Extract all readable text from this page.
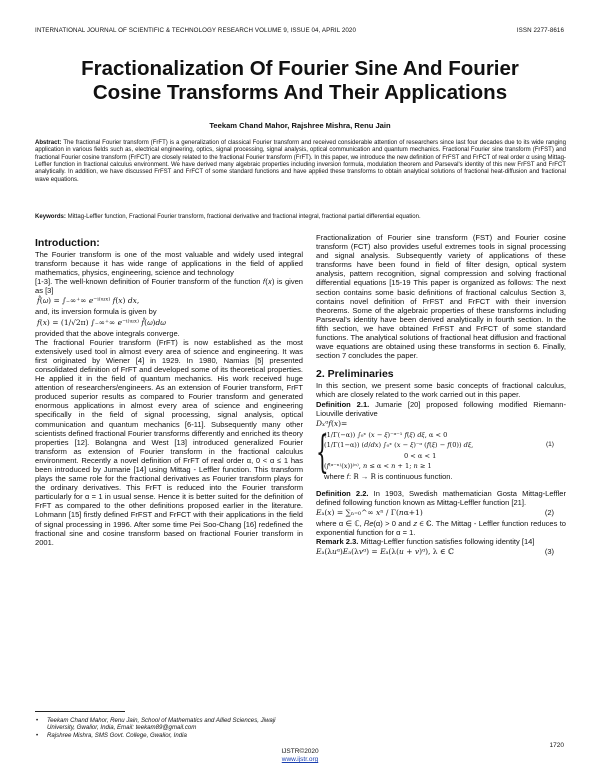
INTERNATIONAL JOURNAL OF SCIENTIFIC & TECHNOLOGY RESEARCH VOLUME 9, ISSUE 04, APRIL 2020	ISSN 2277-8616
Fractionalization Of Fourier Sine And Fourier
Cosine Transforms And Their Applications
Teekam Chand Mahor, Rajshree Mishra, Renu Jain
Abstract: The fractional Fourier transform (FrFT) is a generalization of classical Fourier transform and received considerable attention of researchers since last four decades due to its wide ranging application in various fields such as, electrical engineering, optics, signal processing, signal analysis, optical communication and quantum mechanics. Fractional Fourier sine transform (FrFST) and fractional Fourier cosine transform (FrFCT) are closely related to the fractional Fourier transform (FrFT). In this paper, we introduce the new definition of FrFST and FrFCT of real order α using Mittag-Leffler function in fractional calculus environment. We have derived many algebraic properties including inversion formula, modulation theorem and Parseval's identity of this new FrFST and FrFCT analytically. In addition, we have discussed FrFST and FrFCT of some standard functions and have applied these transforms to obtain analytical solutions of fractional heat-diffusion and fractional wave equations.
Keywords: Mittag-Leffler function, Fractional Fourier transform, fractional derivative and fractional integral, fractional partial differential equation.
Introduction:

The Fourier transform is one of the most valuable and widely used integral transform because it has wide range of applications in the field of applied mathematics, physics, engineering, science and technology

[1-3]. The well-known definition of Fourier transform of the function 𝑓(𝑥) is given as [3]

𝑓̂(𝜔) = ∫₋∞⁺∞ 𝑒⁻ⁱ⁽ᵚˣ⁾ 𝑓(𝑥) 𝑑𝑥,

and, its inversion formula is given by

𝑓(𝑥) = (1/√2π) ∫₋∞⁺∞ 𝑒⁻ⁱ⁽ᵚˣ⁾ 𝑓̂(𝜔)𝑑𝜔

provided that the above integrals converge.

The fractional Fourier transform (FrFT) is now established as the most extensively used tool in almost every area of science and engineering. It was first originated by Wiener [4] in 1929. In 1980, Namias [5] presented consolidated definition of FrFT and developed some of its theoretical properties. He applied it in the field of quantum mechanics. His work received huge attention of researchers/engineers. As an extension of Fourier transform, FrFT produced superior results as compared to Fourier transform and generated enormous applications in almost every area of science and engineering specifically in the field of signal processing, signal analysis, optical communication and quantum mechanics [6-11]. Subsequently many other scientists defined fractional Fourier transforms differently and enriched its theory properties [12]. Bolangna and West [13] introduced generalized Fourier transform as extension of Fourier transform in the fractional calculus environment. Recently a novel definition of FrFT of real order α, 0 < α ≤ 1 has been introduced by Jumarie [14] using Mittag - Leffler function. This transform plays the same role for the fractional derivatives as Fourier transform plays for the ordinary derivatives. This FrFT is reduced into the Fourier transform particularly for α = 1 in usual sense. Hence it is better suited for the definition of FrFT as compared to the other definitions proposed earlier in the literature. Lohmann [15] firstly defined FrFST and FrFCT with their applications in the field of signal processing in 1996. After some time Pei Soo-Chang [16] redefined the fractional sine and cosine transform based on fractional Fourier transform in 2001.

Fractionalization of Fourier sine transform (FST) and Fourier cosine transform (FCT) also provides useful extremes tools in signal processing and signal analysis. Subsequently variety of applications of these transforms have been found in field of filter design, optical system analysis, pattern recognition, signal compression and solving fractional differential equations [15-19 This paper is organized as follows: The next section contains some basic definitions of fractional calculus Section 3, contains novel definition of FrFST and FrFCT with their inversion theorems. Some of the algebraic properties of these transforms including Parseval's identity have been derived analytically in fourth section. In the fifth section, we have obtained FrFST and FrFCT of some standard functions. The analytical solutions of fractional heat diffusion and fractional wave equations are obtained using these transforms in section 6. Finally, section 7 concludes the paper.

2. Preliminaries

In this section, we present some basic concepts of fractional calculus, which are closely related to the work carried out in this paper.

Definition 2.1. Jumarie [20] proposed following modified Riemann-Liouville derivative

𝐷ₓᵅ𝑓(𝑥)=
{
(1/Γ(−α)) ∫₀ˣ (𝑥 − 𝜉)⁻ᵅ⁻¹ 𝑓(𝜉) 𝑑𝜉, α < 0
(1/Γ(1−α)) (𝑑/𝑑𝑥) ∫₀ˣ (𝑥 − 𝜉)⁻ᵅ (𝑓(𝜉) − 𝑓(0)) 𝑑𝜉,	(1)
0 < α < 1
(𝑓⁽ᵅ⁻ⁿ⁾(𝑥))⁽ⁿ⁾, 𝑛 ≤ α < 𝑛 + 1; 𝑛 ≥ 1

where 𝑓: ℝ → ℝ is continuous function.

Definition 2.2. In 1903, Swedish mathematician Gosta Mittag-Leffler defined following function known as Mittag-Leffler function [21].

𝐸ₐ(𝑥) = ∑ₙ₌₀^∞ 𝑥ⁿ / Γ(𝑛α+1)	(2)

where α ∈ ℂ, 𝑅𝑒(α) > 0 and 𝑧 ∈ ℂ. The Mittag - Leffler function reduces to exponential function for α = 1.

Remark 2.3. Mittag-Leffler function satisfies following identity [14]

𝐸ₐ(λ𝑢ᵅ)𝐸ₐ(λ𝑣ᵅ) = 𝐸ₐ(λ(𝑢 + 𝑣)ᵅ), λ ∈ ℂ	(3)
• Teekam Chand Mahor, Renu Jain, School of Mathematics and Allied Sciences, Jiwaji University, Gwalior, India, Email: teekam89@gmail.com
• Rajshree Mishra, SMS Govt. College, Gwalior, India
1720
IJSTR©2020
www.ijstr.org
